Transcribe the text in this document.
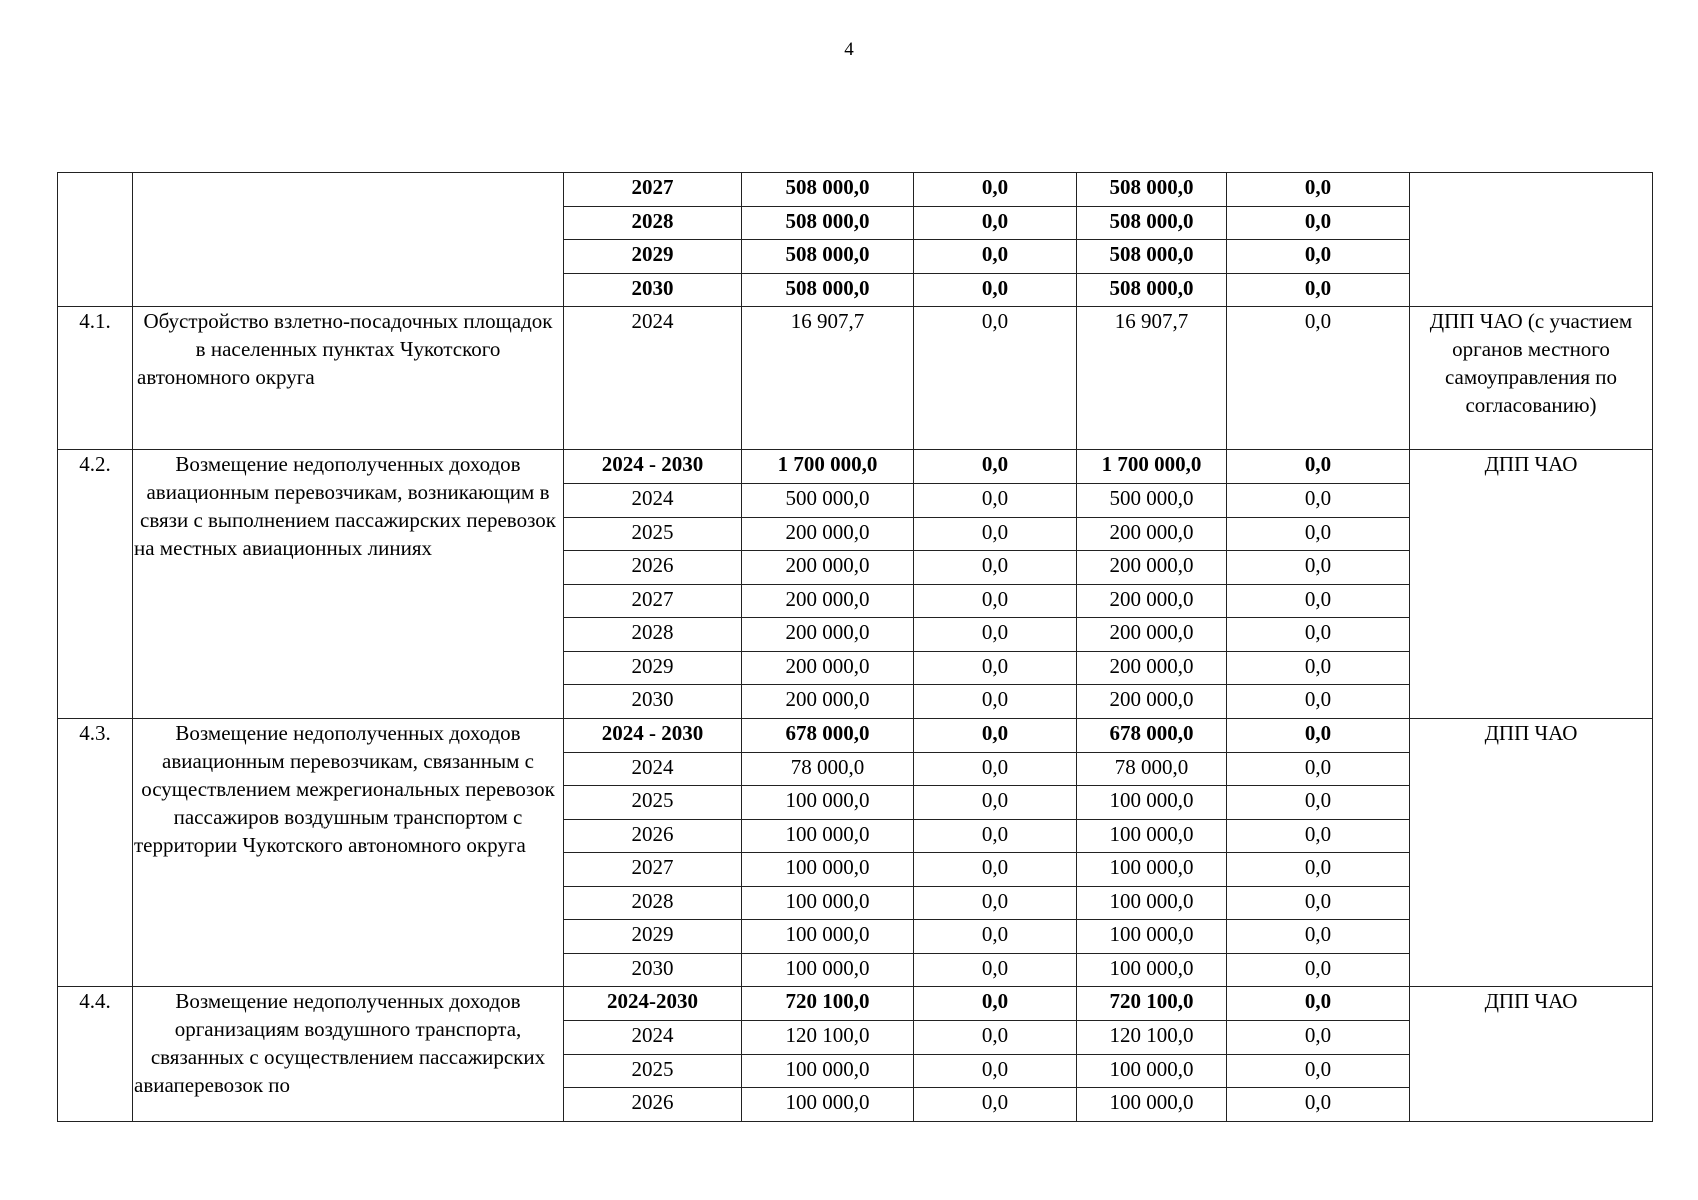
4
		2027	508 000,0	0,0	508 000,0	0,0	
		2028	508 000,0	0,0	508 000,0	0,0	
		2029	508 000,0	0,0	508 000,0	0,0	
		2030	508 000,0	0,0	508 000,0	0,0	
4.1.	Обустройство взлетно-посадочных площадок в населенных пунктах Чукотского автономного округа	2024	16 907,7	0,0	16 907,7	0,0	ДПП ЧАО (с участием органов местного самоуправления по согласованию)
4.2.	Возмещение недополученных доходов авиационным перевозчикам, возникающим в связи с выполнением пассажирских перевозок на местных авиационных линиях	2024 - 2030	1 700 000,0	0,0	1 700 000,0	0,0	ДПП ЧАО
		2024	500 000,0	0,0	500 000,0	0,0	
		2025	200 000,0	0,0	200 000,0	0,0	
		2026	200 000,0	0,0	200 000,0	0,0	
		2027	200 000,0	0,0	200 000,0	0,0	
		2028	200 000,0	0,0	200 000,0	0,0	
		2029	200 000,0	0,0	200 000,0	0,0	
		2030	200 000,0	0,0	200 000,0	0,0	
4.3.	Возмещение недополученных доходов авиационным перевозчикам, связанным с осуществлением межрегиональных перевозок пассажиров воздушным транспортом с территории Чукотского автономного округа	2024 - 2030	678 000,0	0,0	678 000,0	0,0	ДПП ЧАО
		2024	78 000,0	0,0	78 000,0	0,0	
		2025	100 000,0	0,0	100 000,0	0,0	
		2026	100 000,0	0,0	100 000,0	0,0	
		2027	100 000,0	0,0	100 000,0	0,0	
		2028	100 000,0	0,0	100 000,0	0,0	
		2029	100 000,0	0,0	100 000,0	0,0	
		2030	100 000,0	0,0	100 000,0	0,0	
4.4.	Возмещение недополученных доходов организациям воздушного транспорта, связанных с осуществлением пассажирских авиаперевозок по	2024-2030	720 100,0	0,0	720 100,0	0,0	ДПП ЧАО
		2024	120 100,0	0,0	120 100,0	0,0	
		2025	100 000,0	0,0	100 000,0	0,0	
		2026	100 000,0	0,0	100 000,0	0,0	
